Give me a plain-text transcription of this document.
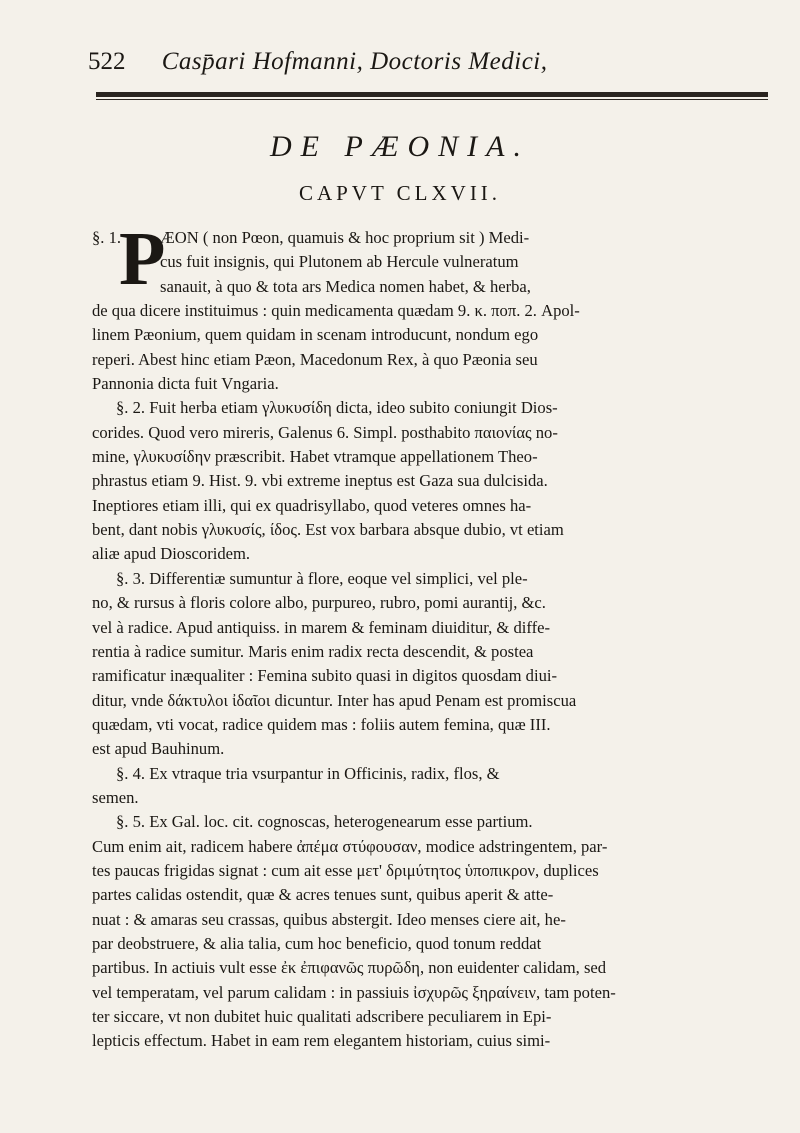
522 Casp̄ari Hofmanni, Doctoris Medici,
DE PÆONIA.
CAPVT CLXVII.
§. 1.
P
ÆON ( non Pœon, quamuis & hoc proprium sit ) Medi-
cus fuit insignis, qui Plutonem ab Hercule vulneratum
sanauit, à quo & tota ars Medica nomen habet, & herba,
de qua dicere instituimus : quin medicamenta quædam 9. κ. ποπ. 2. Apol-
linem Pæonium, quem quidam in scenam introducunt, nondum ego
reperi. Abest hinc etiam Pæon, Macedonum Rex, à quo Pæonia seu
Pannonia dicta fuit Vngaria.
§. 2. Fuit herba etiam γλυκυσίδη dicta, ideo subito coniungit Dios-
corides. Quod vero mireris, Galenus 6. Simpl. posthabito παιονίας no-
mine, γλυκυσίδην præscribit. Habet vtramque appellationem Theo-
phrastus etiam 9. Hist. 9. vbi extreme ineptus est Gaza sua dulcisida.
Ineptiores etiam illi, qui ex quadrisyllabo, quod veteres omnes ha-
bent, dant nobis γλυκυσίς, ίδος. Est vox barbara absque dubio, vt etiam
aliæ apud Dioscoridem.
§. 3. Differentiæ sumuntur à flore, eoque vel simplici, vel ple-
no, & rursus à floris colore albo, purpureo, rubro, pomi aurantij, &c.
vel à radice. Apud antiquiss. in marem & feminam diuiditur, & diffe-
rentia à radice sumitur. Maris enim radix recta descendit, & postea
ramificatur inæqualiter : Femina subito quasi in digitos quosdam diui-
ditur, vnde δάκτυλοι ἰδαῖοι dicuntur. Inter has apud Penam est promiscua
quædam, vti vocat, radice quidem mas : foliis autem femina, quæ III.
est apud Bauhinum.
§. 4. Ex vtraque tria vsurpantur in Officinis, radix, flos, &
semen.
§. 5. Ex Gal. loc. cit. cognoscas, heterogenearum esse partium.
Cum enim ait, radicem habere ἀπέμα στύφουσαν, modice adstringentem, par-
tes paucas frigidas signat : cum ait esse μετ' δριμύτητος ὑποπικρον, duplices
partes calidas ostendit, quæ & acres tenues sunt, quibus aperit & atte-
nuat : & amaras seu crassas, quibus abstergit. Ideo menses ciere ait, he-
par deobstruere, & alia talia, cum hoc beneficio, quod tonum reddat
partibus. In actiuis vult esse ἐκ ἐπιφανῶς πυρῶδη, non euidenter calidam, sed
vel temperatam, vel parum calidam : in passiuis ἰσχυρῶς ξηραίνειν, tam poten-
ter siccare, vt non dubitet huic qualitati adscribere peculiarem in Epi-
lepticis effectum. Habet in eam rem elegantem historiam, cuius simi-
